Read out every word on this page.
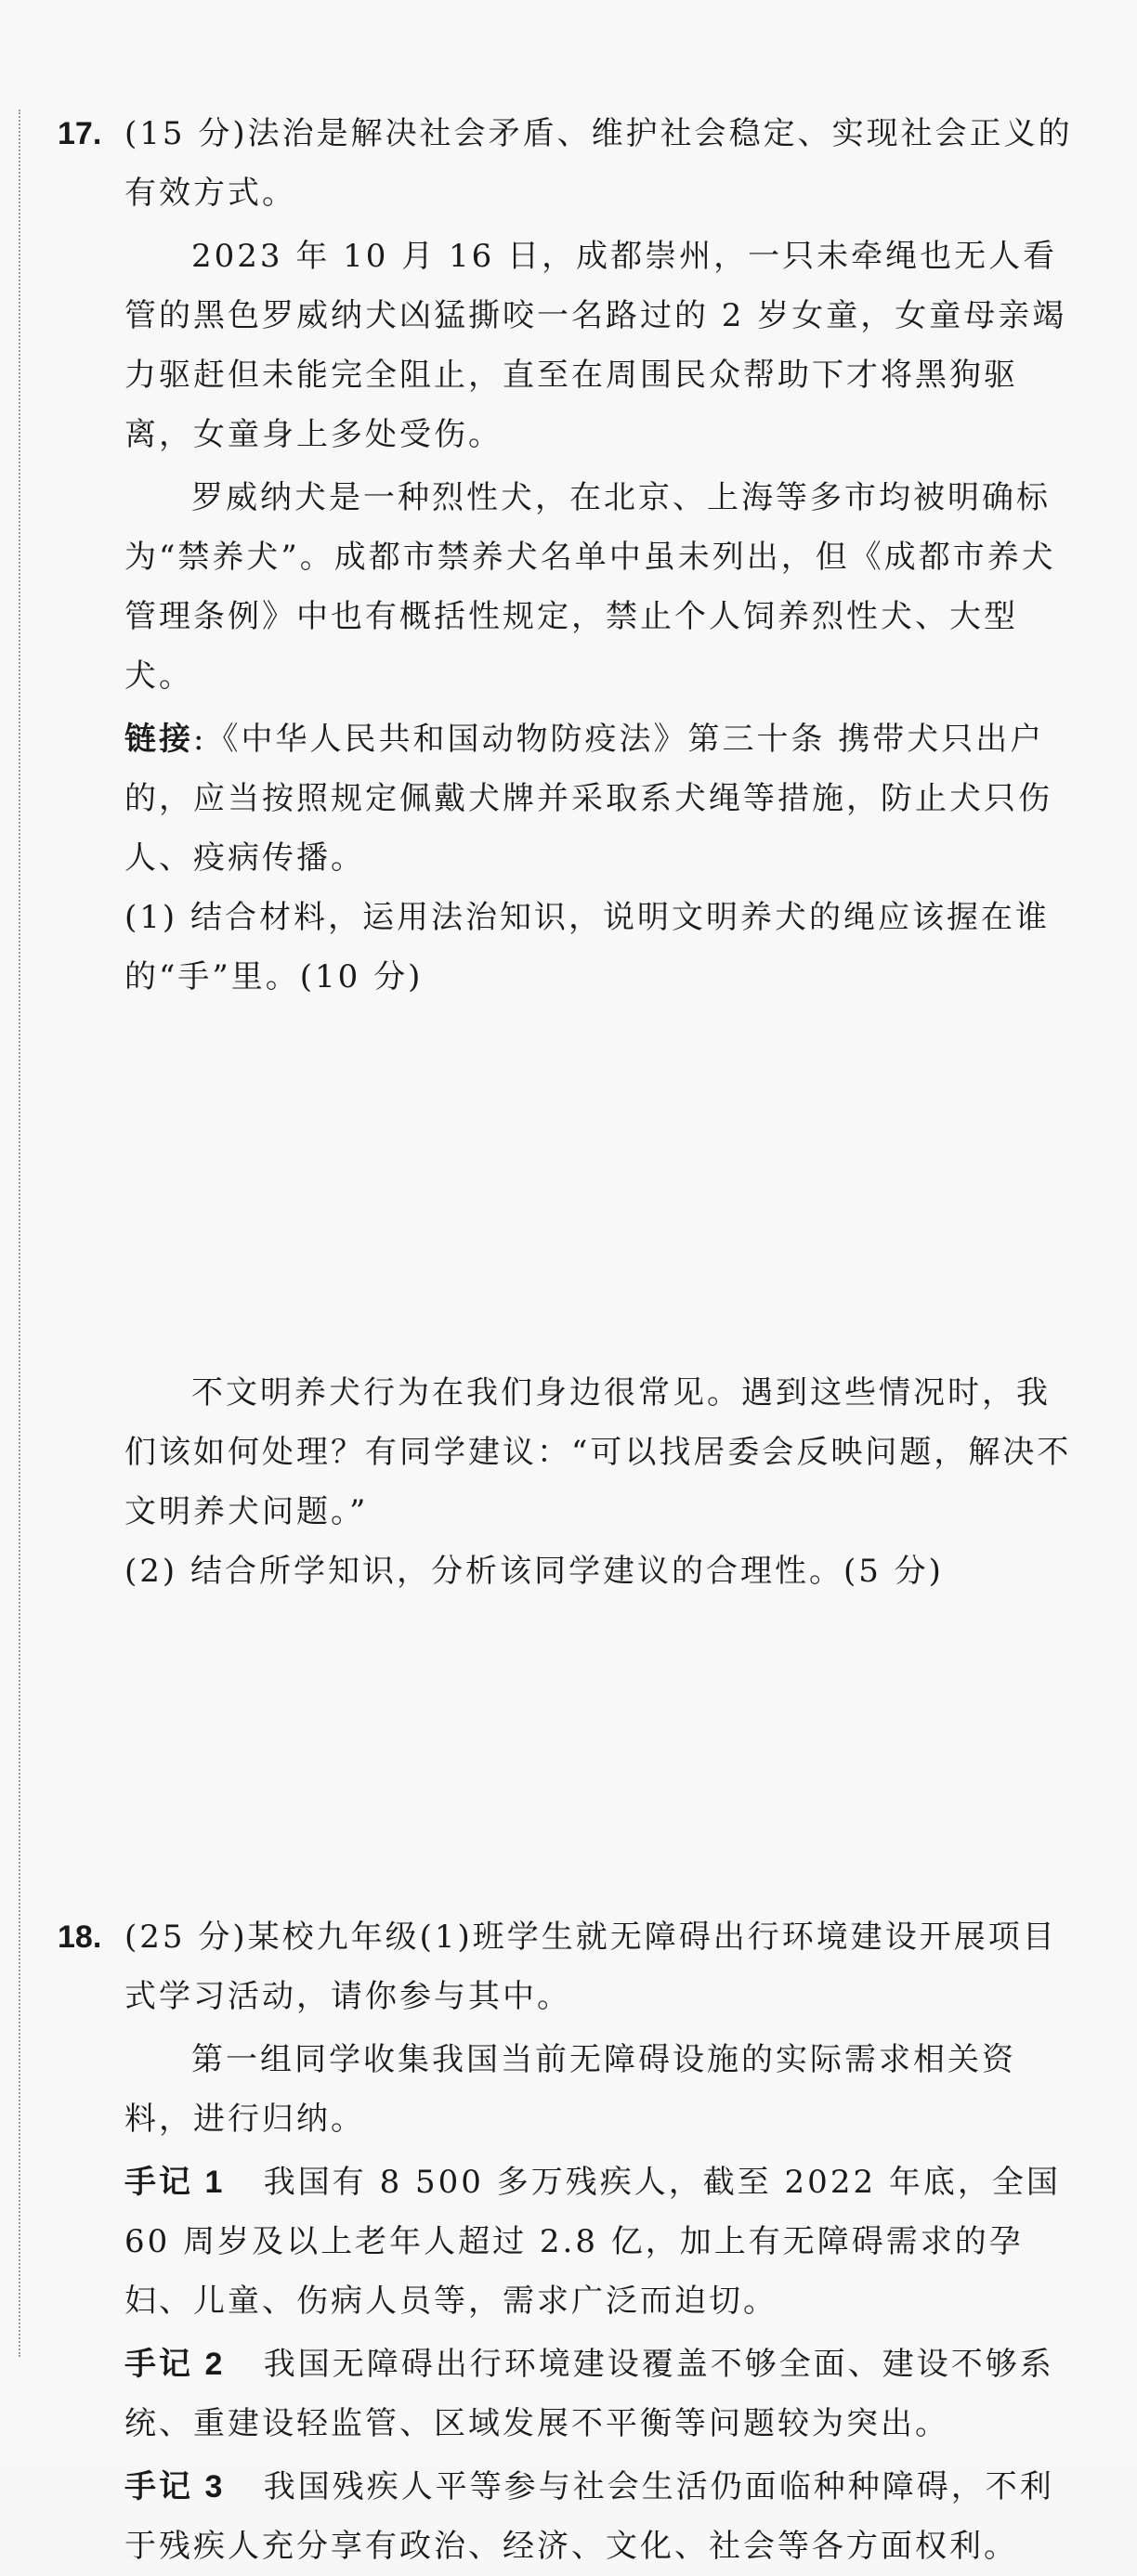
17. (15 分)法治是解决社会矛盾、维护社会稳定、实现社会正义的有效方式。

2023 年 10 月 16 日，成都崇州，一只未牵绳也无人看管的黑色罗威纳犬凶猛撕咬一名路过的 2 岁女童，女童母亲竭力驱赶但未能完全阻止，直至在周围民众帮助下才将黑狗驱离，女童身上多处受伤。

罗威纳犬是一种烈性犬，在北京、上海等多市均被明确标为“禁养犬”。成都市禁养犬名单中虽未列出，但《成都市养犬管理条例》中也有概括性规定，禁止个人饲养烈性犬、大型犬。

链接:《中华人民共和国动物防疫法》第三十条 携带犬只出户的，应当按照规定佩戴犬牌并采取系犬绳等措施，防止犬只伤人、疫病传播。

(1) 结合材料，运用法治知识，说明文明养犬的绳应该握在谁的“手”里。(10 分)

不文明养犬行为在我们身边很常见。遇到这些情况时，我们该如何处理？有同学建议：“可以找居委会反映问题，解决不文明养犬问题。”

(2) 结合所学知识，分析该同学建议的合理性。(5 分)

18. (25 分)某校九年级(1)班学生就无障碍出行环境建设开展项目式学习活动，请你参与其中。

第一组同学收集我国当前无障碍设施的实际需求相关资料，进行归纳。

手记 1 我国有 8 500 多万残疾人，截至 2022 年底，全国 60 周岁及以上老年人超过 2.8 亿，加上有无障碍需求的孕妇、儿童、伤病人员等，需求广泛而迫切。

手记 2 我国无障碍出行环境建设覆盖不够全面、建设不够系统、重建设轻监管、区域发展不平衡等问题较为突出。

手记 3 我国残疾人平等参与社会生活仍面临种种障碍，不利于残疾人充分享有政治、经济、文化、社会等各方面权利。
